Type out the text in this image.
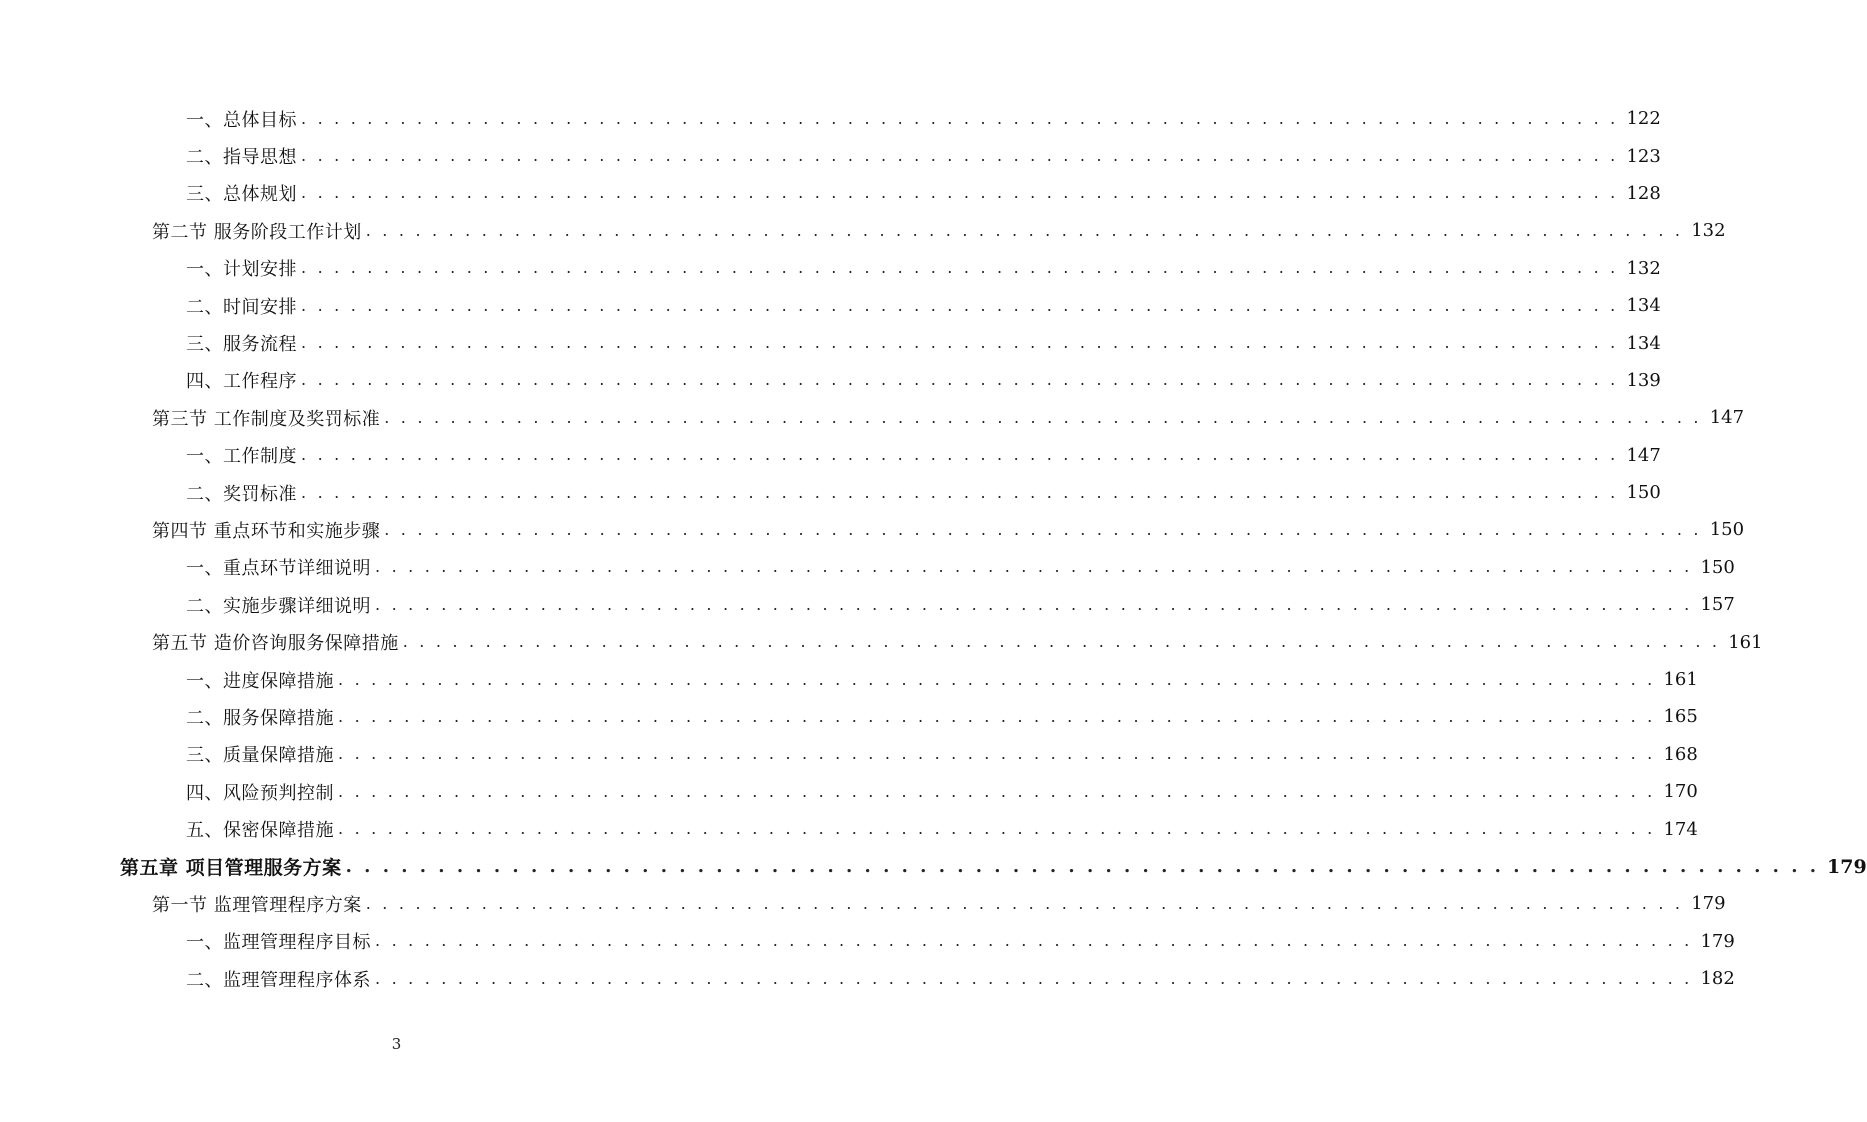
一、总体目标 . . . . . . . . . . . . . . . . . . . . . . . . . . . . . . . . . . . . . . . . . . . . . . . . . . . . . . . . . . . . . . . . . . . . . . . . . . . . . . . . 122
二、指导思想 . . . . . . . . . . . . . . . . . . . . . . . . . . . . . . . . . . . . . . . . . . . . . . . . . . . . . . . . . . . . . . . . . . . . . . . . . . . . . . . . 123
三、总体规划 . . . . . . . . . . . . . . . . . . . . . . . . . . . . . . . . . . . . . . . . . . . . . . . . . . . . . . . . . . . . . . . . . . . . . . . . . . . . . . . . 128
第二节 服务阶段工作计划 . . . . . . . . . . . . . . . . . . . . . . . . . . . . . . . . . . . . . . . . . . . . . . . . . . . . . . . . . . . . . . . . . . . . . . . . . . . . . . . . 132
一、计划安排 . . . . . . . . . . . . . . . . . . . . . . . . . . . . . . . . . . . . . . . . . . . . . . . . . . . . . . . . . . . . . . . . . . . . . . . . . . . . . . . . 132
二、时间安排 . . . . . . . . . . . . . . . . . . . . . . . . . . . . . . . . . . . . . . . . . . . . . . . . . . . . . . . . . . . . . . . . . . . . . . . . . . . . . . . . 134
三、服务流程 . . . . . . . . . . . . . . . . . . . . . . . . . . . . . . . . . . . . . . . . . . . . . . . . . . . . . . . . . . . . . . . . . . . . . . . . . . . . . . . . 134
四、工作程序 . . . . . . . . . . . . . . . . . . . . . . . . . . . . . . . . . . . . . . . . . . . . . . . . . . . . . . . . . . . . . . . . . . . . . . . . . . . . . . . . 139
第三节 工作制度及奖罚标准 . . . . . . . . . . . . . . . . . . . . . . . . . . . . . . . . . . . . . . . . . . . . . . . . . . . . . . . . . . . . . . . . . . . . . . . . . . . . . . . . 147
一、工作制度 . . . . . . . . . . . . . . . . . . . . . . . . . . . . . . . . . . . . . . . . . . . . . . . . . . . . . . . . . . . . . . . . . . . . . . . . . . . . . . . . 147
二、奖罚标准 . . . . . . . . . . . . . . . . . . . . . . . . . . . . . . . . . . . . . . . . . . . . . . . . . . . . . . . . . . . . . . . . . . . . . . . . . . . . . . . . 150
第四节 重点环节和实施步骤 . . . . . . . . . . . . . . . . . . . . . . . . . . . . . . . . . . . . . . . . . . . . . . . . . . . . . . . . . . . . . . . . . . . . . . . . . . . . . . . . 150
一、重点环节详细说明 . . . . . . . . . . . . . . . . . . . . . . . . . . . . . . . . . . . . . . . . . . . . . . . . . . . . . . . . . . . . . . . . . . . . . . . . . . . . . . . . 150
二、实施步骤详细说明 . . . . . . . . . . . . . . . . . . . . . . . . . . . . . . . . . . . . . . . . . . . . . . . . . . . . . . . . . . . . . . . . . . . . . . . . . . . . . . . . 157
第五节 造价咨询服务保障措施 . . . . . . . . . . . . . . . . . . . . . . . . . . . . . . . . . . . . . . . . . . . . . . . . . . . . . . . . . . . . . . . . . . . . . . . . . . . . . . . . 161
一、进度保障措施 . . . . . . . . . . . . . . . . . . . . . . . . . . . . . . . . . . . . . . . . . . . . . . . . . . . . . . . . . . . . . . . . . . . . . . . . . . . . . . . . 161
二、服务保障措施 . . . . . . . . . . . . . . . . . . . . . . . . . . . . . . . . . . . . . . . . . . . . . . . . . . . . . . . . . . . . . . . . . . . . . . . . . . . . . . . . 165
三、质量保障措施 . . . . . . . . . . . . . . . . . . . . . . . . . . . . . . . . . . . . . . . . . . . . . . . . . . . . . . . . . . . . . . . . . . . . . . . . . . . . . . . . 168
四、风险预判控制 . . . . . . . . . . . . . . . . . . . . . . . . . . . . . . . . . . . . . . . . . . . . . . . . . . . . . . . . . . . . . . . . . . . . . . . . . . . . . . . . 170
五、保密保障措施 . . . . . . . . . . . . . . . . . . . . . . . . . . . . . . . . . . . . . . . . . . . . . . . . . . . . . . . . . . . . . . . . . . . . . . . . . . . . . . . . 174
第五章 项目管理服务方案 . . . . . . . . . . . . . . . . . . . . . . . . . . . . . . . . . . . . . . . . . . . . . . . . . . . . . . . . . . . . . . . . . . . . . . . . . . . . . . . . 179
第一节 监理管理程序方案 . . . . . . . . . . . . . . . . . . . . . . . . . . . . . . . . . . . . . . . . . . . . . . . . . . . . . . . . . . . . . . . . . . . . . . . . . . . . . . . . 179
一、监理管理程序目标 . . . . . . . . . . . . . . . . . . . . . . . . . . . . . . . . . . . . . . . . . . . . . . . . . . . . . . . . . . . . . . . . . . . . . . . . . . . . . . . . 179
二、监理管理程序体系 . . . . . . . . . . . . . . . . . . . . . . . . . . . . . . . . . . . . . . . . . . . . . . . . . . . . . . . . . . . . . . . . . . . . . . . . . . . . . . . . 182
3
